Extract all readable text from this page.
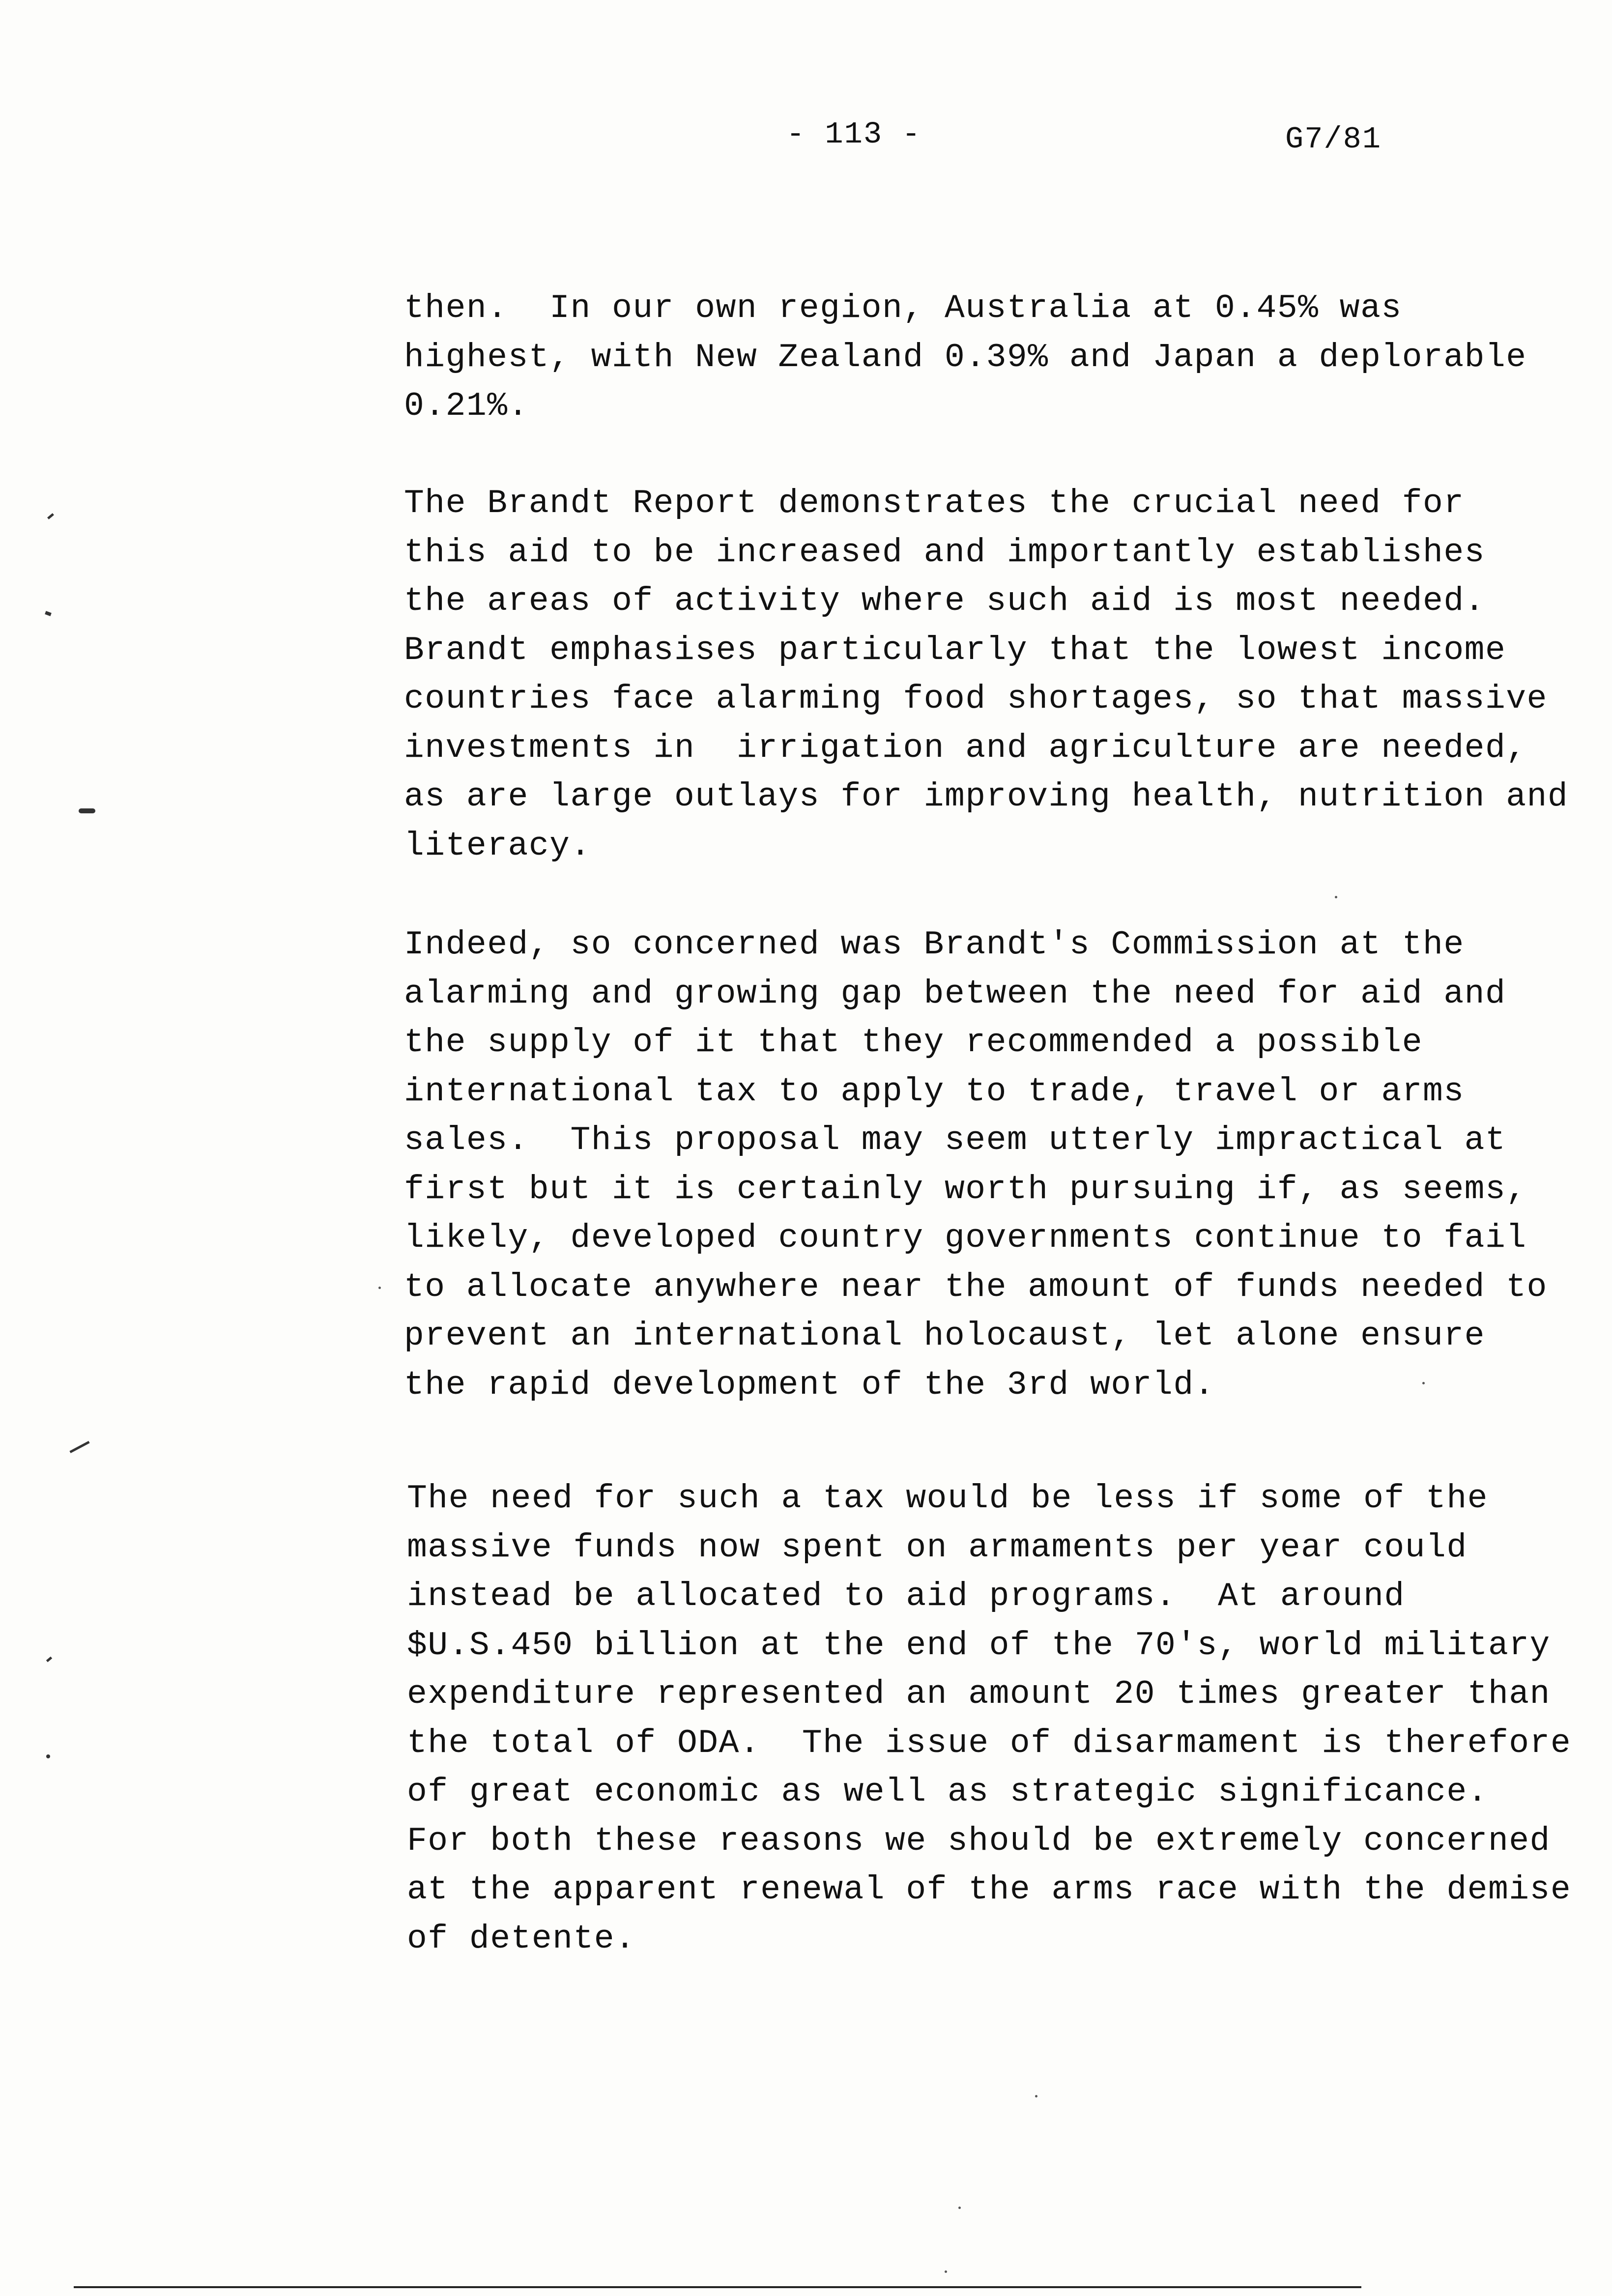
- 113 -	G7/81
then.  In our own region, Australia at 0.45% was
highest, with New Zealand 0.39% and Japan a deplorable
0.21%.
The Brandt Report demonstrates the crucial need for
this aid to be increased and importantly establishes
the areas of activity where such aid is most needed.
Brandt emphasises particularly that the lowest income
countries face alarming food shortages, so that massive
investments in  irrigation and agriculture are needed,
as are large outlays for improving health, nutrition and
literacy.
Indeed, so concerned was Brandt's Commission at the
alarming and growing gap between the need for aid and
the supply of it that they recommended a possible
international tax to apply to trade, travel or arms
sales.  This proposal may seem utterly impractical at
first but it is certainly worth pursuing if, as seems,
likely, developed country governments continue to fail
to allocate anywhere near the amount of funds needed to
prevent an international holocaust, let alone ensure
the rapid development of the 3rd world.
The need for such a tax would be less if some of the
massive funds now spent on armaments per year could
instead be allocated to aid programs.  At around
$U.S.450 billion at the end of the 70's, world military
expenditure represented an amount 20 times greater than
the total of ODA.  The issue of disarmament is therefore
of great economic as well as strategic significance.
For both these reasons we should be extremely concerned
at the apparent renewal of the arms race with the demise
of detente.
